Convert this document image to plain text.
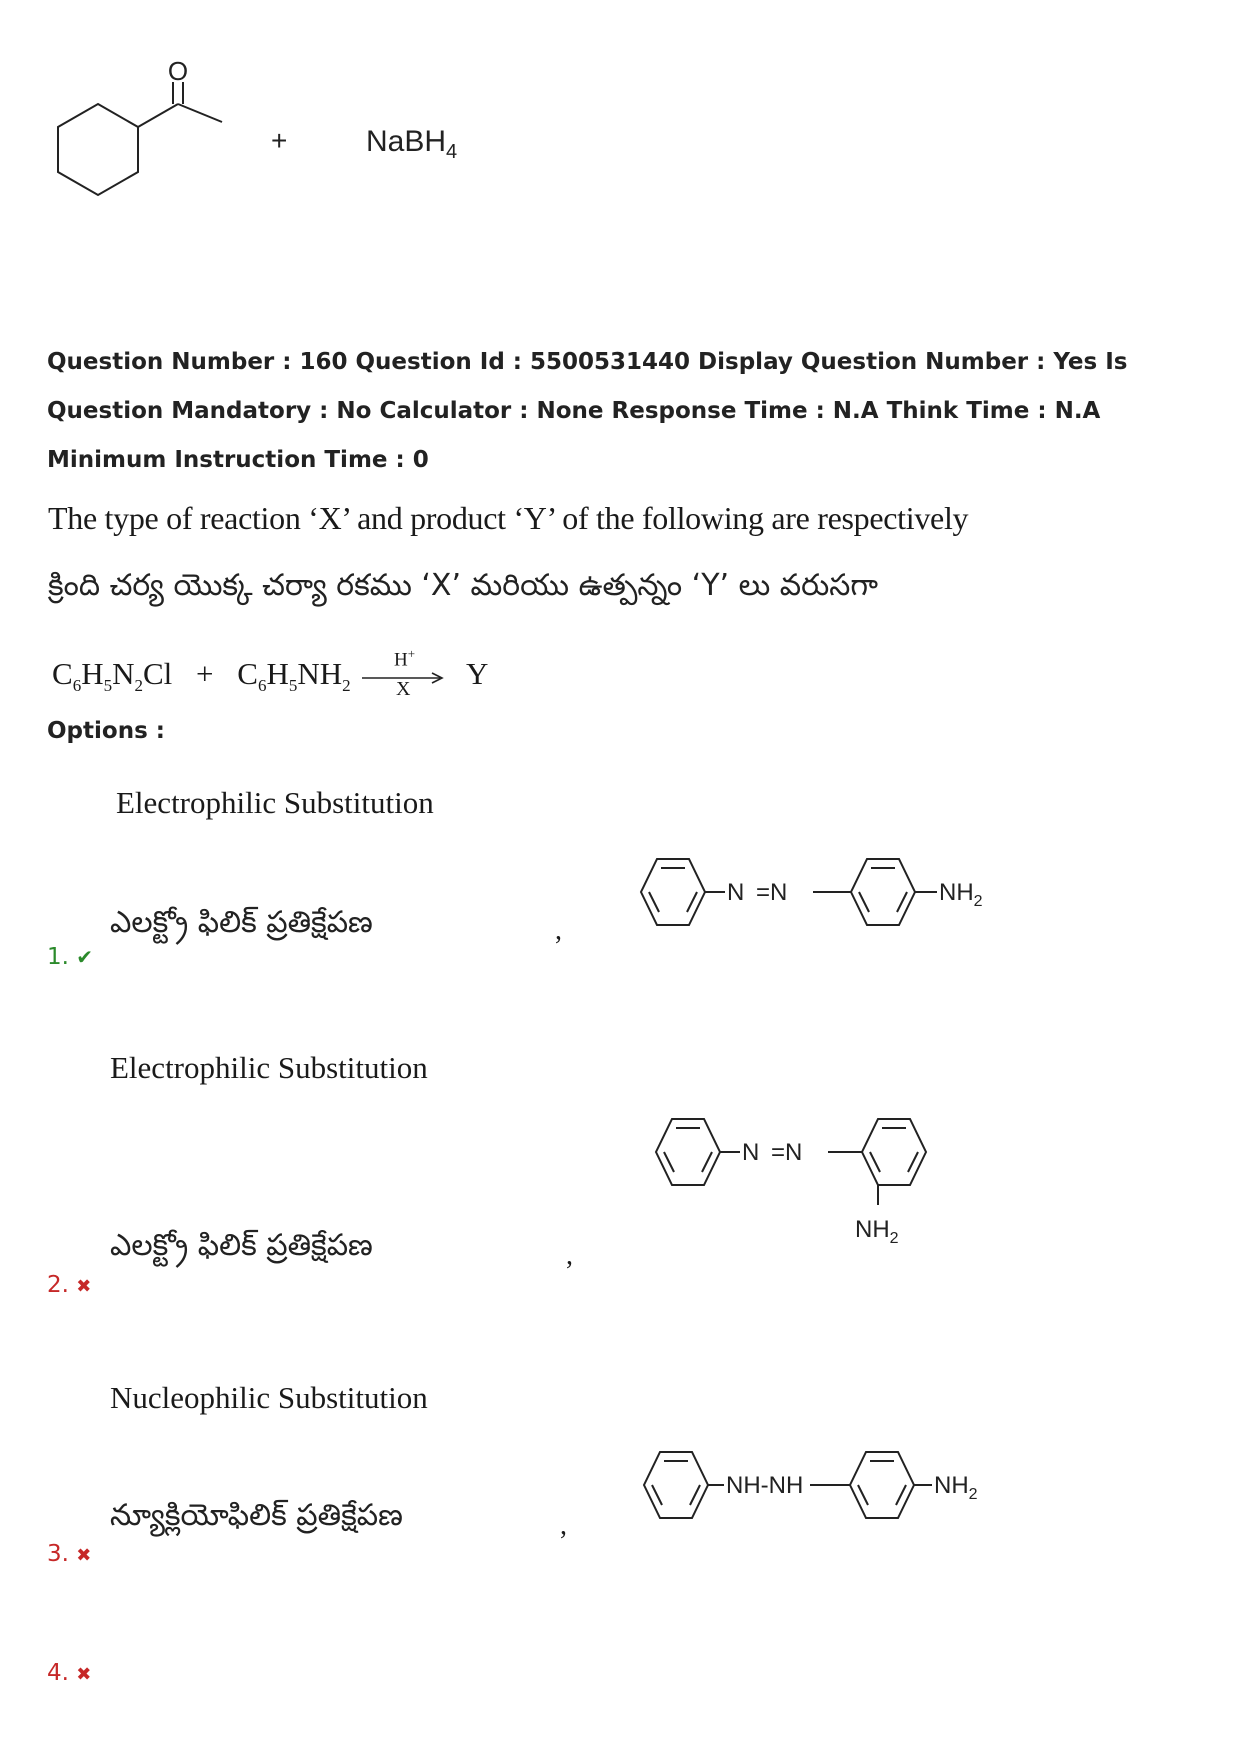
O
+	NaBH$_4$
Question Number : 160 Question Id : 5500531440 Display Question Number : Yes Is Question Mandatory : No Calculator : None Response Time : N.A Think Time : N.A Minimum Instruction Time : 0
The type of reaction ‘X’ and product ‘Y’ of the following are respectively
క్రింది చర్య యొక్క చర్యా రకము ‘X’ మరియు ఉత్పన్నం ‘Y’ లు వరుసగా
$C_6H_5N_2Cl + C_6H_5NH_2$
H+
X Y
Options :
Electrophilic Substitution
ఎలక్ట్రో ఫిలిక్ ప్రతిక్షేపణ	,
N =N	$NH_2$
1. ✔
Electrophilic Substitution
ఎలక్ట్రో ఫిలిక్ ప్రతిక్షేపణ	,
N =N
$NH_2$
2. ✖
Nucleophilic Substitution
న్యూక్లియోఫిలిక్ ప్రతిక్షేపణ	,
NH-NH	$NH_2$
3. ✖
4. ✖
